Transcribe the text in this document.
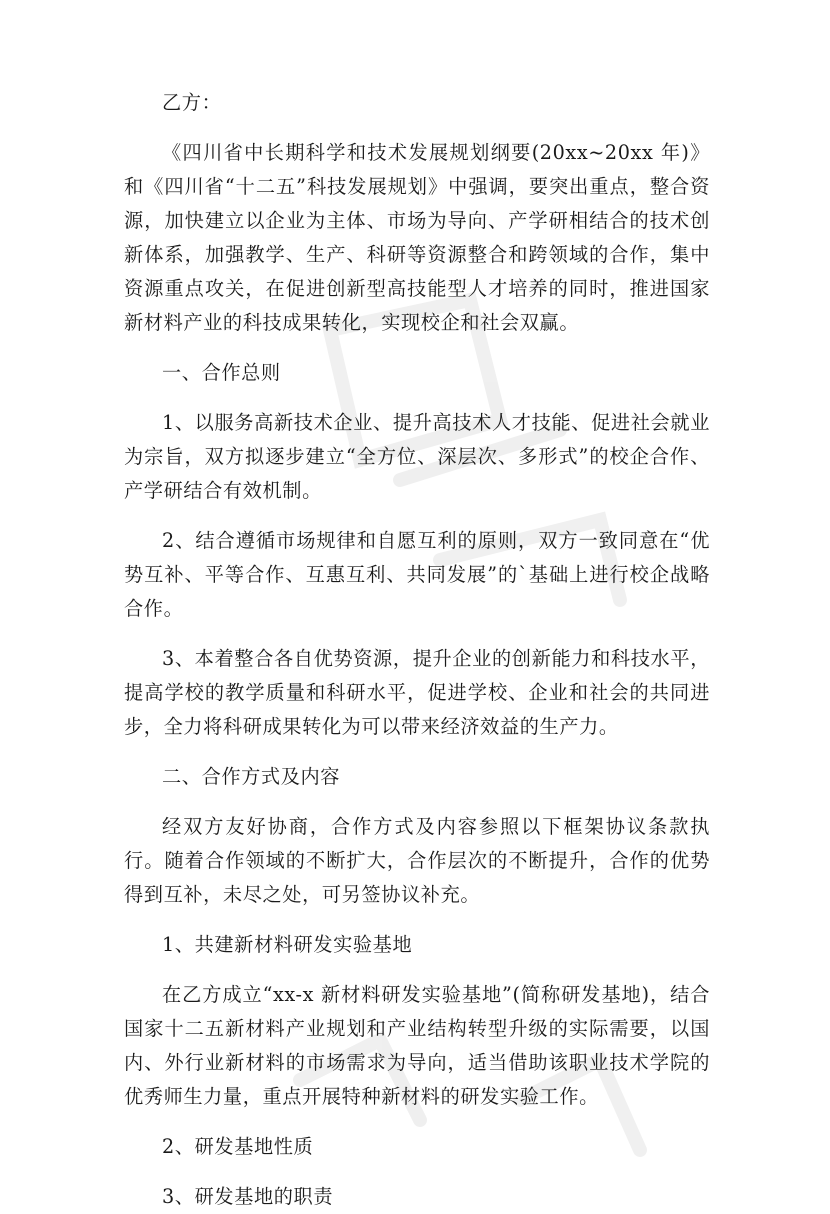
乙方：

《四川省中长期科学和技术发展规划纲要(20xx~20xx 年)》和《四川省“十二五”科技发展规划》中强调，要突出重点，整合资源，加快建立以企业为主体、市场为导向、产学研相结合的技术创新体系，加强教学、生产、科研等资源整合和跨领域的合作，集中资源重点攻关，在促进创新型高技能型人才培养的同时，推进国家新材料产业的科技成果转化，实现校企和社会双赢。

一、合作总则

1、以服务高新技术企业、提升高技术人才技能、促进社会就业为宗旨，双方拟逐步建立“全方位、深层次、多形式”的校企合作、产学研结合有效机制。

2、结合遵循市场规律和自愿互利的原则，双方一致同意在“优势互补、平等合作、互惠互利、共同发展”的`基础上进行校企战略合作。

3、本着整合各自优势资源，提升企业的创新能力和科技水平，提高学校的教学质量和科研水平，促进学校、企业和社会的共同进步，全力将科研成果转化为可以带来经济效益的生产力。

二、合作方式及内容

经双方友好协商，合作方式及内容参照以下框架协议条款执行。随着合作领域的不断扩大，合作层次的不断提升，合作的优势得到互补，未尽之处，可另签协议补充。

1、共建新材料研发实验基地

在乙方成立“xx-x 新材料研发实验基地”(简称研发基地)，结合国家十二五新材料产业规划和产业结构转型升级的实际需要，以国内、外行业新材料的市场需求为导向，适当借助该职业技术学院的优秀师生力量，重点开展特种新材料的研发实验工作。

2、研发基地性质

3、研发基地的职责
